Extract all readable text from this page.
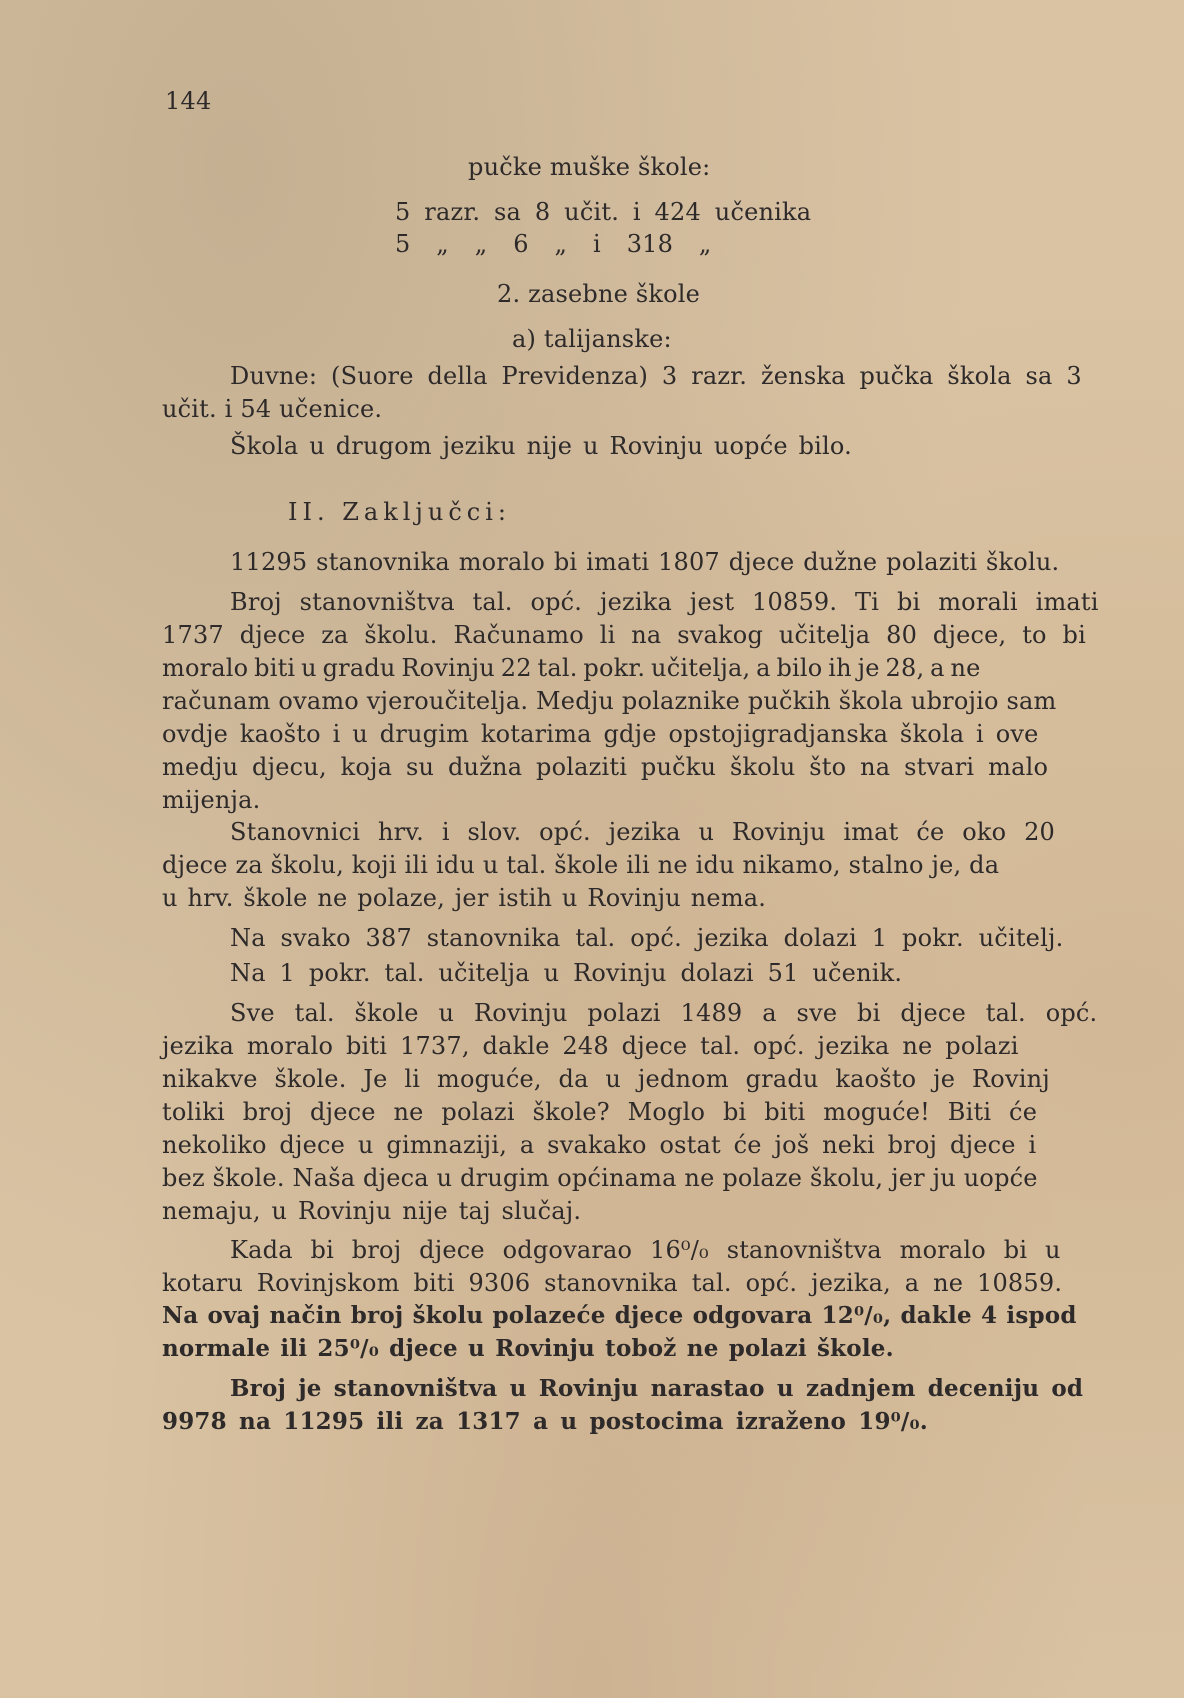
144
pučke muške škole:
5 razr. sa 8 učit. i 424 učenika
5 „ „ 6 „ i 318 „
2. zasebne škole
a) talijanske:
Duvne: (Suore della Previdenza) 3 razr. ženska pučka škola sa 3
učit. i 54 učenice.
Škola u drugom jeziku nije u Rovinju uopće bilo.
II. Zaključci:
11295 stanovnika moralo bi imati 1807 djece dužne polaziti školu.
Broj stanovništva tal. opć. jezika jest 10859. Ti bi morali imati
1737 djece za školu. Računamo li na svakog učitelja 80 djece, to bi
moralo biti u gradu Rovinju 22 tal. pokr. učitelja, a bilo ih je 28, a ne
računam ovamo vjeroučitelja. Medju polaznike pučkih škola ubrojio sam
ovdje kaošto i u drugim kotarima gdje opstojigradjanska škola i ove
medju djecu, koja su dužna polaziti pučku školu što na stvari malo
mijenja.
Stanovnici hrv. i slov. opć. jezika u Rovinju imat će oko 20
djece za školu, koji ili idu u tal. škole ili ne idu nikamo, stalno je, da
u hrv. škole ne polaze, jer istih u Rovinju nema.
Na svako 387 stanovnika tal. opć. jezika dolazi 1 pokr. učitelj.
Na 1 pokr. tal. učitelja u Rovinju dolazi 51 učenik.
Sve tal. škole u Rovinju polazi 1489 a sve bi djece tal. opć.
jezika moralo biti 1737, dakle 248 djece tal. opć. jezika ne polazi
nikakve škole. Je li moguće, da u jednom gradu kaošto je Rovinj
toliki broj djece ne polazi škole? Moglo bi biti moguće! Biti će
nekoliko djece u gimnaziji, a svakako ostat će još neki broj djece i
bez škole. Naša djeca u drugim općinama ne polaze školu, jer ju uopće
nemaju, u Rovinju nije taj slučaj.
Kada bi broj djece odgovarao 16⁰/₀ stanovništva moralo bi u
kotaru Rovinjskom biti 9306 stanovnika tal. opć. jezika, a ne 10859.
Na ovaj način broj školu polazeće djece odgovara 12⁰/₀, dakle 4 ispod
normale ili 25⁰/₀ djece u Rovinju tobož ne polazi škole.
Broj je stanovništva u Rovinju narastao u zadnjem deceniju od
9978 na 11295 ili za 1317 a u postocima izraženo 19⁰/₀.
